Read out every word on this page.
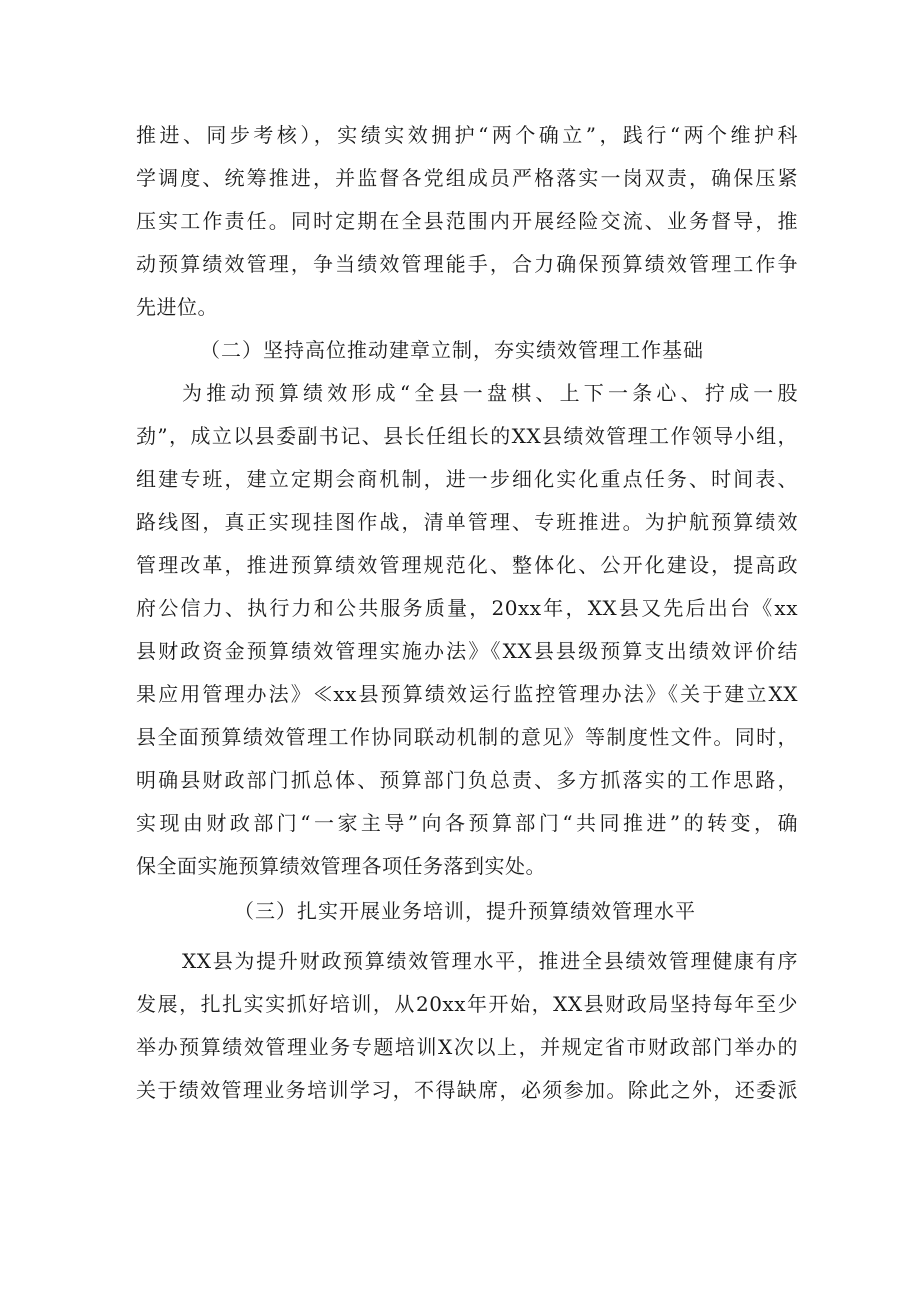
推进、同步考核），实绩实效拥护“两个确立”，践行“两个维护科
学调度、统筹推进，并监督各党组成员严格落实一岗双责，确保压紧
压实工作责任。同时定期在全县范围内开展经险交流、业务督导，推
动预算绩效管理，争当绩效管理能手，合力确保预算绩效管理工作争
先进位。
（二）坚持高位推动建章立制，夯实绩效管理工作基础
为推动预算绩效形成“全县一盘棋、上下一条心、拧成一股
劲”，成立以县委副书记、县长任组长的XX县绩效管理工作领导小组，
组建专班，建立定期会商机制，进一步细化实化重点任务、时间表、
路线图，真正实现挂图作战，清单管理、专班推进。为护航预算绩效
管理改革，推进预算绩效管理规范化、整体化、公开化建设，提高政
府公信力、执行力和公共服务质量，20xx年，XX县又先后出台《xx
县财政资金预算绩效管理实施办法》《XX县县级预算支出绩效评价结
果应用管理办法》≪xx县预算绩效运行监控管理办法》《关于建立XX
县全面预算绩效管理工作协同联动机制的意见》等制度性文件。同时，
明确县财政部门抓总体、预算部门负总责、多方抓落实的工作思路，
实现由财政部门“一家主导”向各预算部门“共同推进”的转变，确
保全面实施预算绩效管理各项任务落到实处。
（三）扎实开展业务培训，提升预算绩效管理水平
XX县为提升财政预算绩效管理水平，推进全县绩效管理健康有序
发展，扎扎实实抓好培训，从20xx年开始，XX县财政局坚持每年至少
举办预算绩效管理业务专题培训X次以上，并规定省市财政部门举办的
关于绩效管理业务培训学习，不得缺席，必须参加。除此之外，还委派
